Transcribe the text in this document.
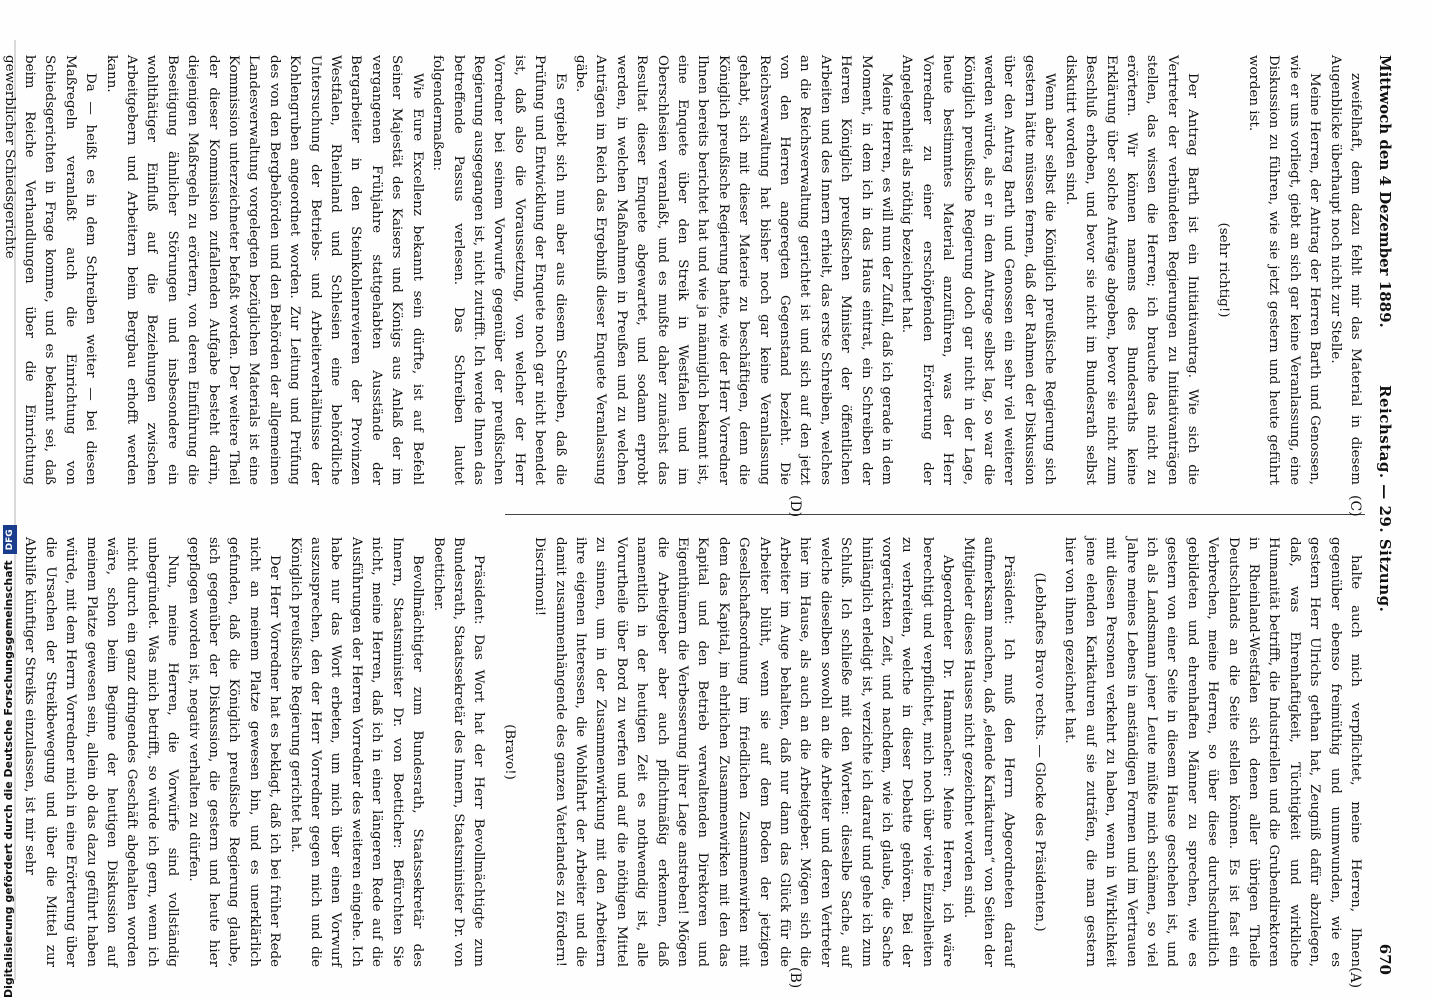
Mittwoch den 4 Dezember 1889.
Reichstag. — 29. Sitzung.
670
(C)
(D)

zweifelhaft, denn dazu fehlt mir das Material in diesem Augenblicke überhaupt noch nicht zur Stelle.

Meine Herren, der Antrag der Herren Barth und Genossen, wie er uns vorliegt, giebt an sich gar keine Veranlassung, eine Diskussion zu führen, wie sie jetzt gestern und heute geführt worden ist.

(sehr richtig!)

Der Antrag Barth ist ein Initiativantrag. Wie sich die Vertreter der verbündeten Regierungen zu Initiativanträgen stellen, das wissen die Herren; ich brauche das nicht zu erörtern. Wir können namens des Bundesraths keine Erklärung über solche Anträge abgeben, bevor sie nicht zum Beschluß erhoben, und bevor sie nicht im Bundesrath selbst diskutirt worden sind.

Wenn aber selbst die Königlich preußische Regierung sich gestern hätte müssen fernen, daß der Rahmen der Diskussion über den Antrag Barth und Genossen ein sehr viel weiterer werden würde, als er in dem Antrage selbst lag, so war die Königlich preußische Regierung doch gar nicht in der Lage, heute bestimmtes Material anzuführen, was der Herr Vorredner zu einer erschöpfenden Erörterung der Angelegenheit als nöthig bezeichnet hat.

Meine Herren, es will nun der Zufall, daß ich gerade in dem Moment, in dem ich in das Haus eintrat, ein Schreiben der Herren Königlich preußischen Minister der öffentlichen Arbeiten und des Innern erhielt, das erste Schreiben, welches an die Reichsverwaltung gerichtet ist und sich auf den jetzt von den Herren angeregten Gegenstand bezieht. Die Reichsverwaltung hat bisher noch gar keine Veranlassung gehabt, sich mit dieser Materie zu beschäftigen, denn die Königlich preußische Regierung hatte, wie der Herr Vorredner Ihnen bereits berichtet hat und wie ja männiglich bekannt ist, eine Enquete über den Streik in Westfalen und im Oberschlesien veranlaßt, und es mußte daher zunächst das Resultat dieser Enquete abgewartet, und sodann erprobt werden, in welchen Maßnahmen in Preußen und zu welchen Anträgen im Reich das Ergebniß dieser Enquete Veranlassung gäbe.

Es ergiebt sich nun aber aus diesem Schreiben, daß die Prüfung und Entwicklung der Enquete noch gar nicht beendet ist, daß also die Voraussetzung, von welcher der Herr Vorredner bei seinem Vorwurfe gegenüber der preußischen Regierung ausgegangen ist, nicht zutrifft. Ich werde Ihnen das betreffende Passus verlesen. Das Schreiben lautet folgendermaßen:

Wie Eure Excellenz bekannt sein dürfte, ist auf Befehl Seiner Majestät des Kaisers und Königs aus Anlaß der im vergangenen Frühjahre stattgehabten Ausstände der Bergarbeiter in den Steinkohlenrevieren der Provinzen Westfalen, Rheinland und Schlesien eine behördliche Untersuchung der Betriebs- und Arbeiterverhältnisse der Kohlengruben angeordnet worden. Zur Leitung und Prüfung des von den Bergbehörden und den Behörden der allgemeinen Landesverwaltung vorgelegten bezüglichen Materials ist eine Kommission unterzeichneter befaßt worden. Der weitere Theil der dieser Kommission zufallenden Aufgabe besteht darin, diejenigen Maßregeln zu erörtern, von deren Einführung die Beseitigung ähnlicher Störungen und insbesondere ein wohlthätiger Einfluß auf die Beziehungen zwischen Arbeitgebern und Arbeitern beim Bergbau erhofft werden kann.

Da — heißt es in dem Schreiben weiter — bei diesen Maßregeln veranlaßt auch die Einrichtung von Schiedsgerichten in Frage komme, und es bekannt sei, daß beim Reiche Verhandlungen über die Einrichtung gewerblicher Schiedsgerichte

halte auch mich verpflichtet, meine Herren, Ihnen gegenüber ebenso freimüthig und unumwunden, wie es gestern Herr Ulrichs gethan hat, Zeugniß dafür abzulegen, daß, was Ehrenhaftigkeit, Tüchtigkeit und wirkliche Humanität betrifft, die Industriellen und die Grubendirektoren in Rheinland-Westfalen sich denen aller übrigen Theile Deutschlands an die Seite stellen können. Es ist fast ein Verbrechen, meine Herren, so über diese durchschnittlich gebildeten und ehrenhaften Männer zu sprechen, wie es gestern von einer Seite in diesem Hause geschehen ist, und ich als Landsmann jener Leute müßte mich schämen, so viel Jahre meines Lebens in anständigen Formen und im Vertrauen mit diesen Personen verkehrt zu haben, wenn in Wirklichkeit jene elenden Karikaturen auf sie zuträfen, die man gestern hier von ihnen gezeichnet hat.

(Lebhaftes Bravo rechts. — Glocke des Präsidenten.)

Präsident: Ich muß den Herrn Abgeordneten darauf aufmerksam machen, daß „elende Karikaturen“ von Seiten der Mitglieder dieses Hauses nicht gezeichnet worden sind.

Abgeordneter Dr. Hammacher: Meine Herren, ich wäre berechtigt und verpflichtet, mich noch über viele Einzelheiten zu verbreiten, welche in dieser Debatte gehören. Bei der vorgerückten Zeit, und nachdem, wie ich glaube, die Sache hinlänglich erledigt ist, verzichte ich darauf und gehe ich zum Schluß. Ich schließe mit den Worten: dieselbe Sache, auf welche dieselben sowohl an die Arbeiter und deren Vertreter hier im Hause, als auch an die Arbeitgeber. Mögen sich die Arbeiter im Auge behalten, daß nur dann das Glück für die Arbeiter blüht, wenn sie auf dem Boden der jetzigen Gesellschaftsordnung im friedlichen Zusammenwirken mit dem das Kapital, im ehrlichen Zusammenwirken mit den das Kapital und den Betrieb verwaltenden Direktoren und Eigenthümern die Verbesserung ihrer Lage anstreben! Mögen die Arbeitgeber aber auch pflichtmäßig erkennen, daß namentlich in der heutigen Zeit es nothwendig ist, alle Vorurtheile über Bord zu werfen und auf die nöthigen Mittel zu sinnen, um in der Zusammenwirkung mit den Arbeitern ihre eigenen Interessen, die Wohlfahrt der Arbeiter und die damit zusammenhängende des ganzen Vaterlandes zu fördern! Discrimoni!

(Bravo!)

Präsident: Das Wort hat der Herr Bevollmächtigte zum Bundesrath, Staatssekretär des Innern, Staatsminister Dr. von Boetticher.

Bevollmächtigter zum Bundesrath, Staatssekretär des Innern, Staatsminister Dr. von Boetticher: Befürchten Sie nicht, meine Herren, daß ich in einer längeren Rede auf die Ausführungen der Herren Vorredner des weiteren eingehe. Ich habe nur das Wort erbeten, um mich über einen Vorwurf auszusprechen, den der Herr Vorredner gegen mich und die Königlich preußische Regierung gerichtet hat.

Der Herr Vorredner hat es beklagt, daß ich bei früher Rede nicht an meinem Platze gewesen bin, und es unerklärlich gefunden, daß die Königlich preußische Regierung glaube, sich gegenüber der Diskussion, die gestern und heute hier gepflogen worden ist, negativ verhalten zu dürfen.

Nun, meine Herren, die Vorwürfe sind vollständig unbegründet. Was mich betrifft, so würde ich gern, wenn ich nicht durch ein ganz dringendes Geschäft abgehalten worden wäre, schon beim Beginne der heutigen Diskussion auf meinem Platze gewesen sein, allein ob das dazu geführt haben würde, mit dem Herrn Vorredner mich in eine Erörterung über die Ursachen der Streikbewegung und über die Mittel zur Abhilfe künftiger Streiks einzulassen, ist mir sehr

(A)
(B)
Digitalisierung gefördert durch die Deutsche ForschungsgemeinschaftDFG
